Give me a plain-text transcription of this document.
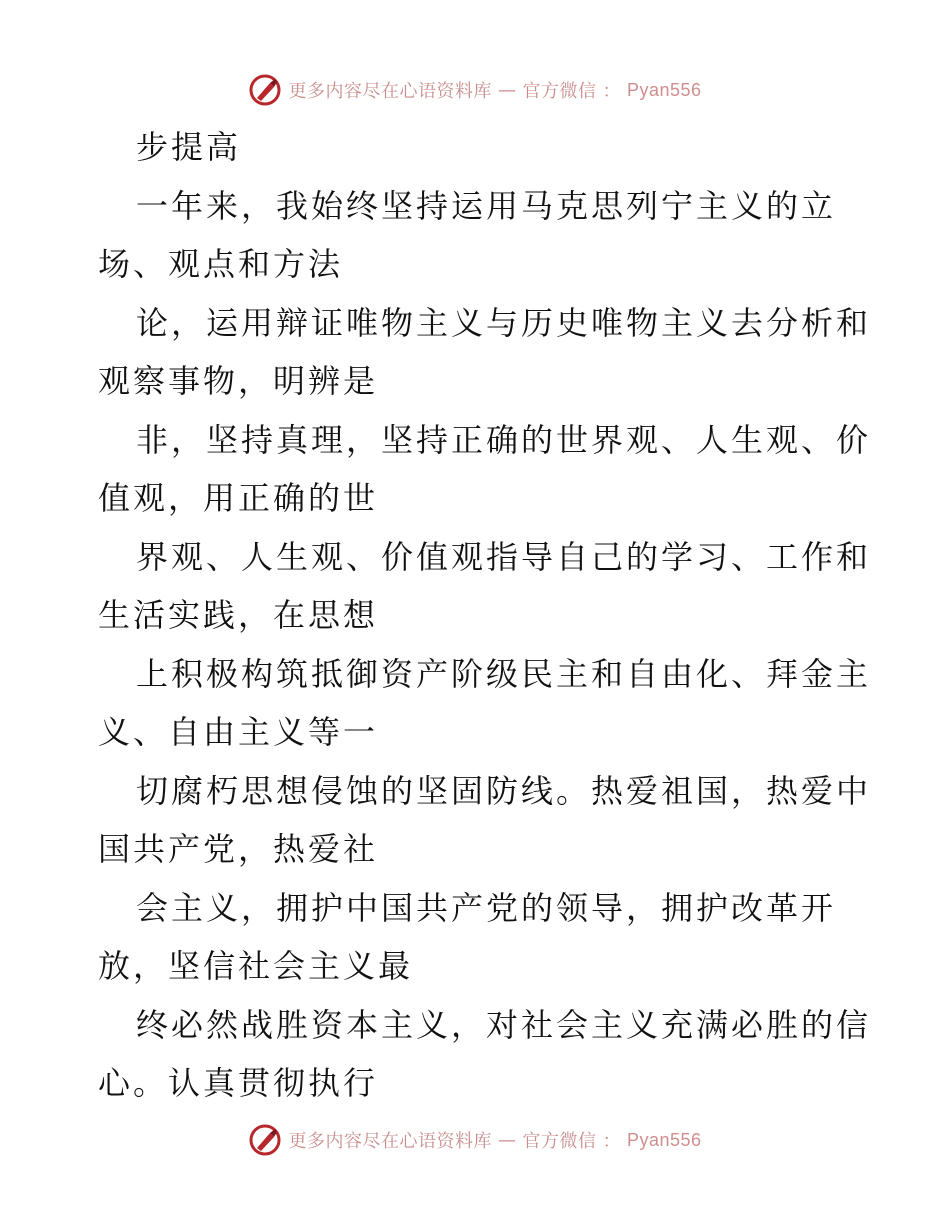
更多内容尽在心语资料库 — 官方微信 ： Pyan556
步提高
一年来，我始终坚持运用马克思列宁主义的立
场、观点和方法
论，运用辩证唯物主义与历史唯物主义去分析和
观察事物，明辨是
非，坚持真理，坚持正确的世界观、人生观、价
值观，用正确的世
界观、人生观、价值观指导自己的学习、工作和
生活实践，在思想
上积极构筑抵御资产阶级民主和自由化、拜金主
义、自由主义等一
切腐朽思想侵蚀的坚固防线。热爱祖国，热爱中
国共产党，热爱社
会主义，拥护中国共产党的领导，拥护改革开
放，坚信社会主义最
终必然战胜资本主义，对社会主义充满必胜的信
心。认真贯彻执行
更多内容尽在心语资料库 — 官方微信 ： Pyan556
